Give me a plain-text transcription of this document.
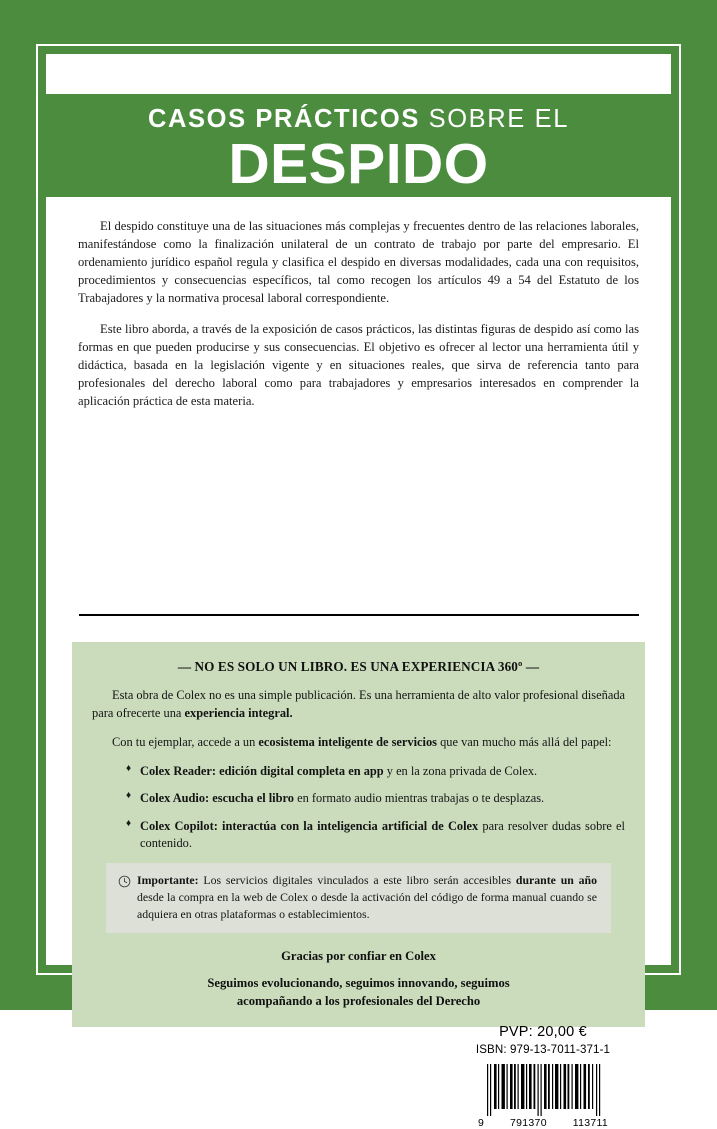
CASOS PRÁCTICOS SOBRE EL
DESPIDO

El despido constituye una de las situaciones más complejas y frecuentes dentro de las relaciones laborales, manifestándose como la finalización unilateral de un contrato de trabajo por parte del empresario. El ordenamiento jurídico español regula y clasifica el despido en diversas modalidades, cada una con requisitos, procedimientos y consecuencias específicos, tal como recogen los artículos 49 a 54 del Estatuto de los Trabajadores y la normativa procesal laboral correspondiente.

Este libro aborda, a través de la exposición de casos prácticos, las distintas figuras de despido así como las formas en que pueden producirse y sus consecuencias. El objetivo es ofrecer al lector una herramienta útil y didáctica, basada en la legislación vigente y en situaciones reales, que sirva de referencia tanto para profesionales del derecho laboral como para trabajadores y empresarios interesados en comprender la aplicación práctica de esta materia.

— NO ES SOLO UN LIBRO. ES UNA EXPERIENCIA 360º —

Esta obra de Colex no es una simple publicación. Es una herramienta de alto valor profesional diseñada para ofrecerte una experiencia integral.

Con tu ejemplar, accede a un ecosistema inteligente de servicios que van mucho más allá del papel:

♦ Colex Reader: edición digital completa en app y en la zona privada de Colex.
♦ Colex Audio: escucha el libro en formato audio mientras trabajas o te desplazas.
♦ Colex Copilot: interactúa con la inteligencia artificial de Colex para resolver dudas sobre el contenido.
Importante: Los servicios digitales vinculados a este libro serán accesibles durante un año desde la compra en la web de Colex o desde la activación del código de forma manual cuando se adquiera en otras plataformas o establecimientos.
Gracias por confiar en Colex
Seguimos evolucionando, seguimos innovando, seguimos
acompañando a los profesionales del Derecho

PVP: 20,00 €

ISBN: 979-13-7011-371-1

9 791370 113711
